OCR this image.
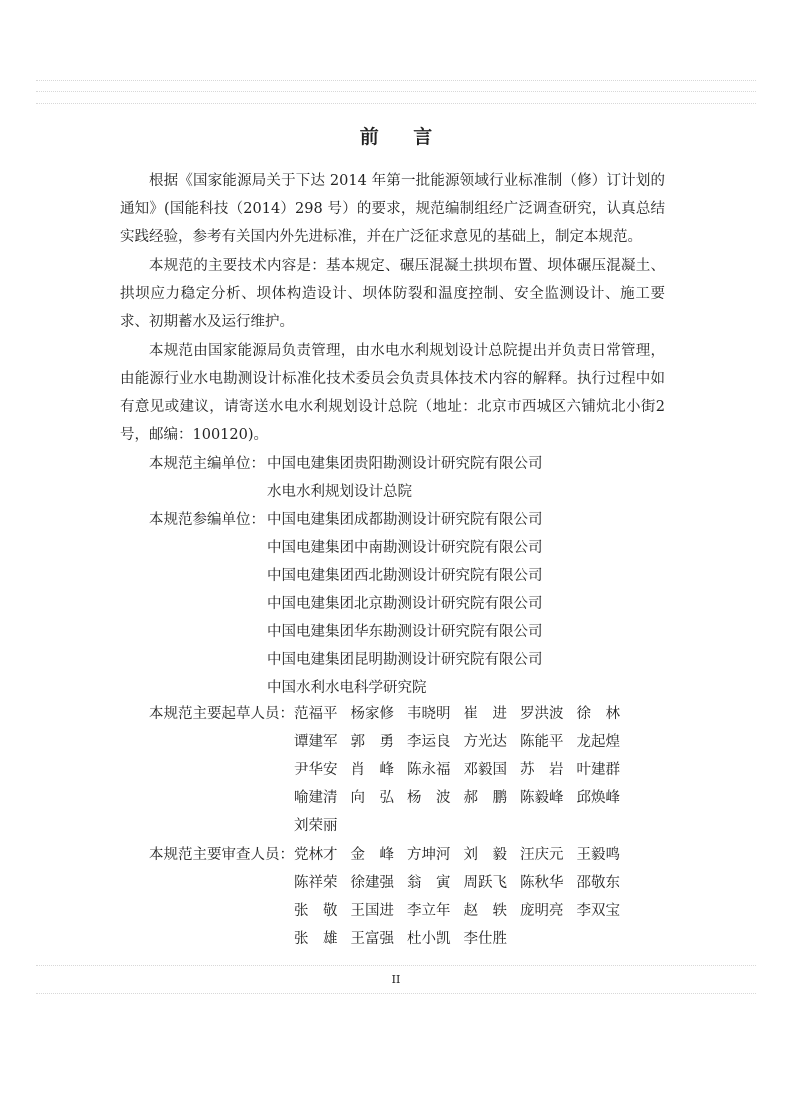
前 言
根据《国家能源局关于下达 2014 年第一批能源领域行业标准制（修）订计划的通知》(国能科技（2014）298 号）的要求，规范编制组经广泛调查研究，认真总结实践经验，参考有关国内外先进标准，并在广泛征求意见的基础上，制定本规范。
本规范的主要技术内容是：基本规定、碾压混凝土拱坝布置、坝体碾压混凝土、拱坝应力稳定分析、坝体构造设计、坝体防裂和温度控制、安全监测设计、施工要求、初期蓄水及运行维护。
本规范由国家能源局负责管理，由水电水利规划设计总院提出并负责日常管理，由能源行业水电勘测设计标准化技术委员会负责具体技术内容的解释。执行过程中如有意见或建议，请寄送水电水利规划设计总院（地址：北京市西城区六铺炕北小街2号，邮编：100120)。
本规范主编单位： 中国电建集团贵阳勘测设计研究院有限公司
水电水利规划设计总院
本规范参编单位： 中国电建集团成都勘测设计研究院有限公司
中国电建集团中南勘测设计研究院有限公司
中国电建集团西北勘测设计研究院有限公司
中国电建集团北京勘测设计研究院有限公司
中国电建集团华东勘测设计研究院有限公司
中国电建集团昆明勘测设计研究院有限公司
中国水利水电科学研究院
本规范主要起草人员： 范福平 杨家修 韦晓明 崔　进 罗洪波 徐　林
谭建军 郭　勇 李运良 方光达 陈能平 龙起煌
尹华安 肖　峰 陈永福 邓毅国 苏　岩 叶建群
喻建清 向　弘 杨　波 郝　鹏 陈毅峰 邱焕峰
刘荣丽
本规范主要审查人员： 党林才 金　峰 方坤河 刘　毅 汪庆元 王毅鸣
陈祥荣 徐建强 翁　寅 周跃飞 陈秋华 邵敬东
张　敬 王国进 李立年 赵　轶 庞明亮 李双宝
张　雄 王富强 杜小凯 李仕胜
II
